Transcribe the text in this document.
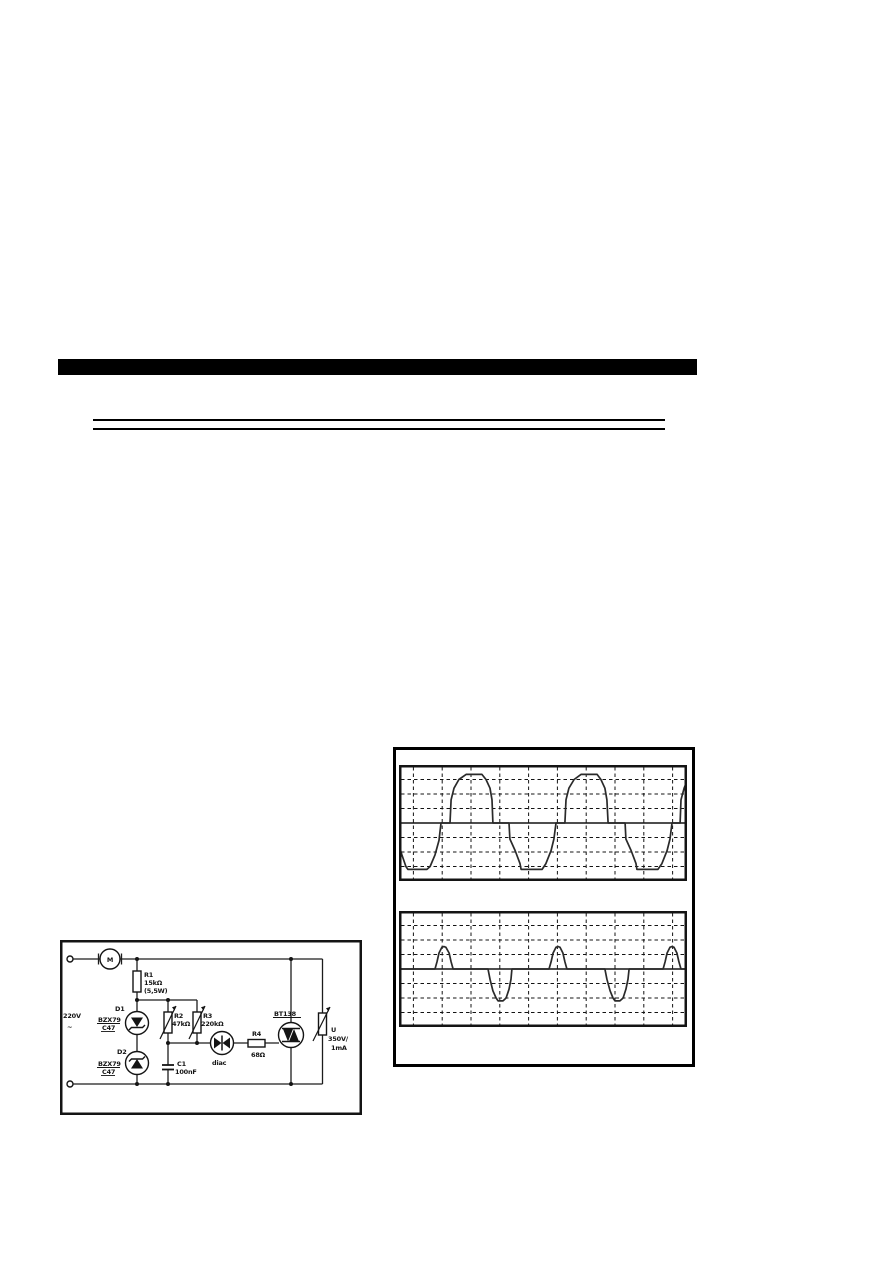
220V
~
M
R1
15kΩ
(5,5W)
D1
BZX79
C47
D2
BZX79
C47
R2
47kΩ
R3
220kΩ
C1
100nF
diac
R4
68Ω
BT138
U
350V/
1mA
